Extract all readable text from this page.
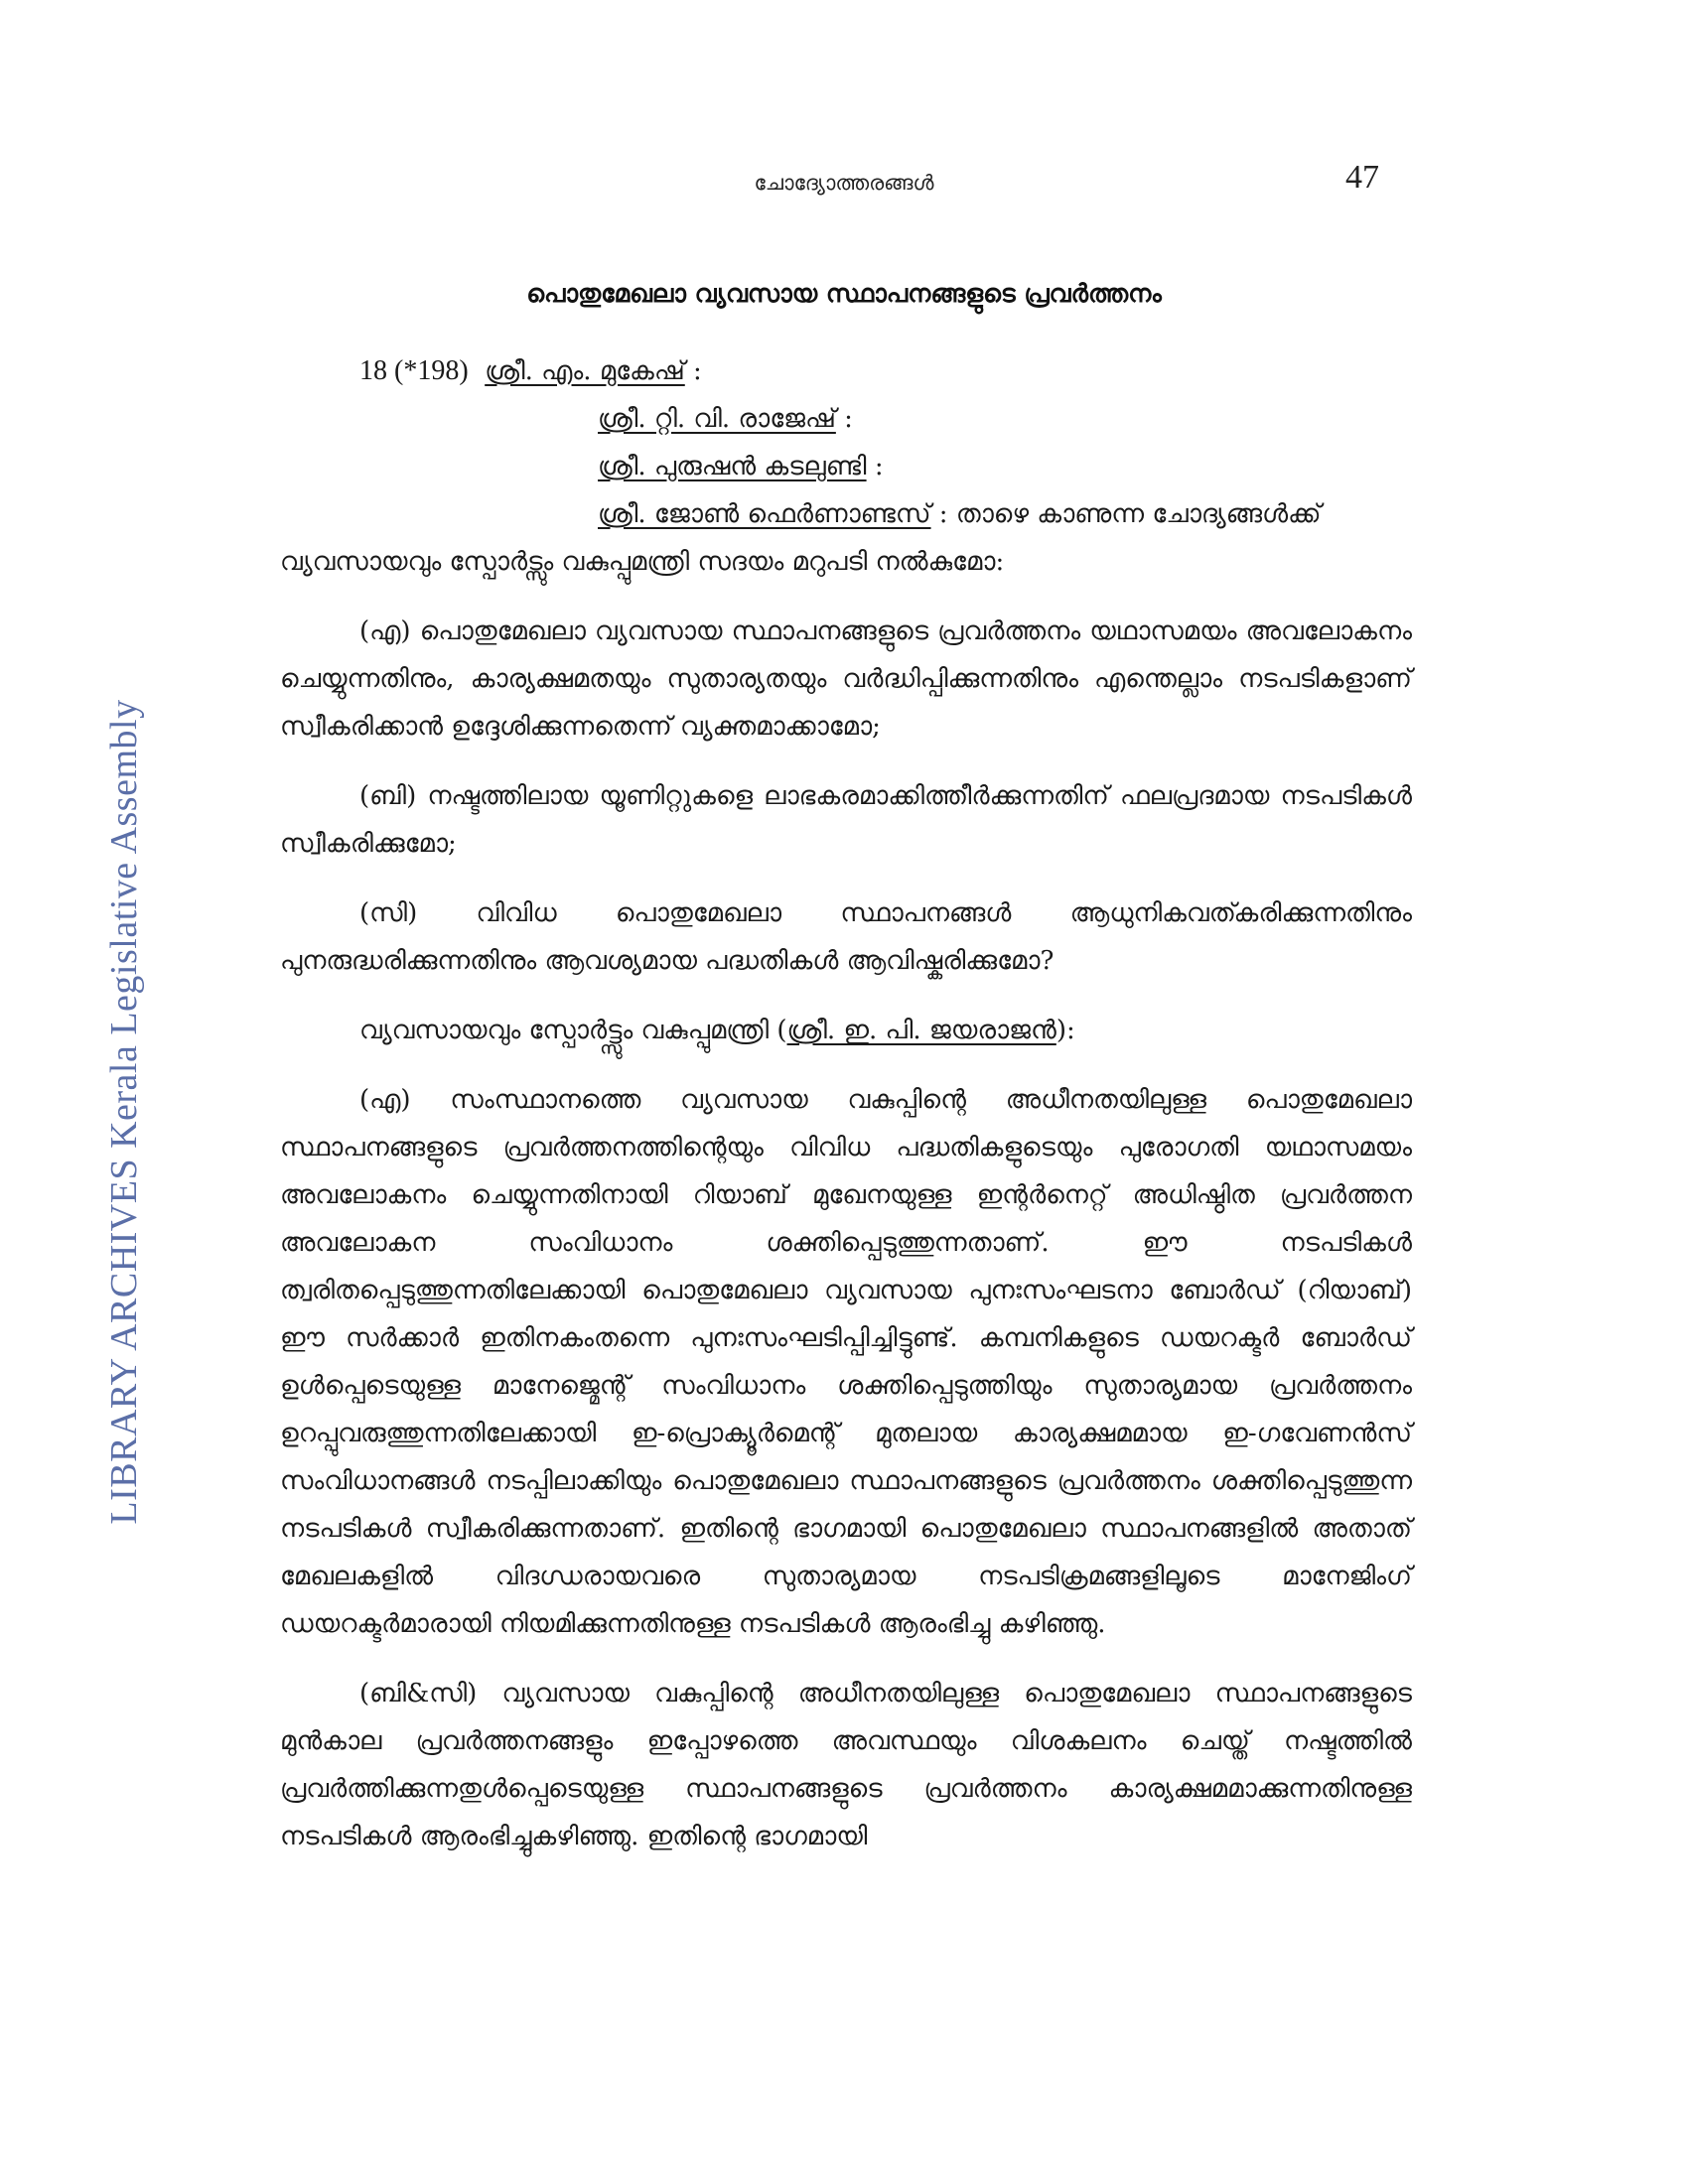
LIBRARY ARCHIVES Kerala Legislative Assembly
ചോദ്യോത്തരങ്ങൾ	47
പൊതുമേഖലാ വ്യവസായ സ്ഥാപനങ്ങളുടെ പ്രവർത്തനം
18 (*198) ശ്രീ. എം. മുകേഷ് :
ശ്രീ. റ്റി. വി. രാജേഷ് :
ശ്രീ. പുരുഷൻ കടലുണ്ടി :
ശ്രീ. ജോൺ ഫെർണാണ്ടസ് : താഴെ കാണുന്ന ചോദ്യങ്ങൾക്ക്

വ്യവസായവും സ്പോർട്സും വകുപ്പുമന്ത്രി സദയം മറുപടി നൽകുമോ:

(എ) പൊതുമേഖലാ വ്യവസായ സ്ഥാപനങ്ങളുടെ പ്രവർത്തനം യഥാസമയം അവലോകനം ചെയ്യുന്നതിനും, കാര്യക്ഷമതയും സുതാര്യതയും വർദ്ധിപ്പിക്കുന്നതിനും എന്തെല്ലാം നടപടികളാണ് സ്വീകരിക്കാൻ ഉദ്ദേശിക്കുന്നതെന്ന് വ്യക്തമാക്കാമോ;

(ബി) നഷ്ടത്തിലായ യൂണിറ്റുകളെ ലാഭകരമാക്കിത്തീർക്കുന്നതിന് ഫലപ്രദമായ നടപടികൾ സ്വീകരിക്കുമോ;

(സി) വിവിധ പൊതുമേഖലാ സ്ഥാപനങ്ങൾ ആധുനികവത്കരിക്കുന്നതിനും പുനരുദ്ധരിക്കുന്നതിനും ആവശ്യമായ പദ്ധതികൾ ആവിഷ്കരിക്കുമോ?

വ്യവസായവും സ്പോർട്ട്സും വകുപ്പുമന്ത്രി (ശ്രീ. ഇ. പി. ജയരാജൻ):

(എ) സംസ്ഥാനത്തെ വ്യവസായ വകുപ്പിന്റെ അധീനതയിലുള്ള പൊതുമേഖലാ സ്ഥാപനങ്ങളുടെ പ്രവർത്തനത്തിന്റെയും വിവിധ പദ്ധതികളുടെയും പുരോഗതി യഥാസമയം അവലോകനം ചെയ്യുന്നതിനായി റിയാബ് മുഖേനയുള്ള ഇന്റർനെറ്റ് അധിഷ്ഠിത പ്രവർത്തന അവലോകന സംവിധാനം ശക്തിപ്പെടുത്തുന്നതാണ്. ഈ നടപടികൾ ത്വരിതപ്പെടുത്തുന്നതിലേക്കായി പൊതുമേഖലാ വ്യവസായ പുനഃസംഘടനാ ബോർഡ് (റിയാബ്) ഈ സർക്കാർ ഇതിനകംതന്നെ പുനഃസംഘടിപ്പിച്ചിട്ടുണ്ട്. കമ്പനികളുടെ ഡയറക്ടർ ബോർഡ് ഉൾപ്പെടെയുള്ള മാനേജ്മെന്റ് സംവിധാനം ശക്തിപ്പെടുത്തിയും സുതാര്യമായ പ്രവർത്തനം ഉറപ്പുവരുത്തുന്നതിലേക്കായി ഇ-പ്രൊക്യൂർമെന്റ് മുതലായ കാര്യക്ഷമമായ ഇ-ഗവേണൻസ് സംവിധാനങ്ങൾ നടപ്പിലാക്കിയും പൊതുമേഖലാ സ്ഥാപനങ്ങളുടെ പ്രവർത്തനം ശക്തിപ്പെടുത്തുന്ന നടപടികൾ സ്വീകരിക്കുന്നതാണ്. ഇതിന്റെ ഭാഗമായി പൊതുമേഖലാ സ്ഥാപനങ്ങളിൽ അതാത് മേഖലകളിൽ വിദഗ്ധരായവരെ സുതാര്യമായ നടപടിക്രമങ്ങളിലൂടെ മാനേജിംഗ് ഡയറക്ടർമാരായി നിയമിക്കുന്നതിനുള്ള നടപടികൾ ആരംഭിച്ചു കഴിഞ്ഞു.

(ബി&സി) വ്യവസായ വകുപ്പിന്റെ അധീനതയിലുള്ള പൊതുമേഖലാ സ്ഥാപനങ്ങളുടെ മുൻകാല പ്രവർത്തനങ്ങളും ഇപ്പോഴത്തെ അവസ്ഥയും വിശകലനം ചെയ്ത് നഷ്ടത്തിൽ പ്രവർത്തിക്കുന്നതുൾപ്പെടെയുള്ള സ്ഥാപനങ്ങളുടെ പ്രവർത്തനം കാര്യക്ഷമമാക്കുന്നതിനുള്ള നടപടികൾ ആരംഭിച്ചുകഴിഞ്ഞു. ഇതിന്റെ ഭാഗമായി
